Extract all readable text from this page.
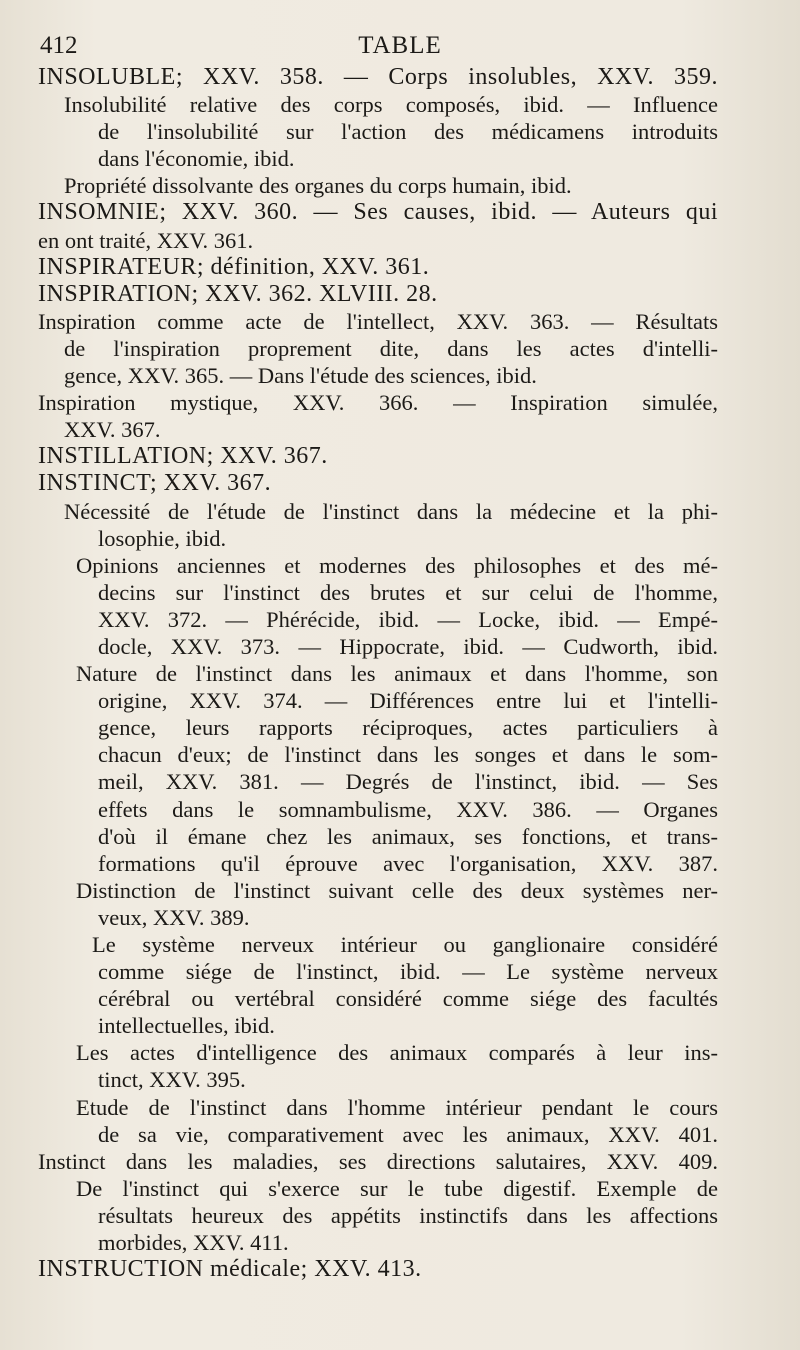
412	TABLE
INSOLUBLE; XXV. 358. — Corps insolubles, XXV. 359.
Insolubilité relative des corps composés, ibid. — Influence
de l'insolubilité sur l'action des médicamens introduits
dans l'économie, ibid.
Propriété dissolvante des organes du corps humain, ibid.
INSOMNIE; XXV. 360. — Ses causes, ibid. — Auteurs qui
en ont traité, XXV. 361.
INSPIRATEUR; définition, XXV. 361.
INSPIRATION; XXV. 362. XLVIII. 28.
Inspiration comme acte de l'intellect, XXV. 363. — Résultats
de l'inspiration proprement dite, dans les actes d'intelli-
gence, XXV. 365. — Dans l'étude des sciences, ibid.
Inspiration mystique, XXV. 366. — Inspiration simulée,
XXV. 367.
INSTILLATION; XXV. 367.
INSTINCT; XXV. 367.
Nécessité de l'étude de l'instinct dans la médecine et la phi-
losophie, ibid.
Opinions anciennes et modernes des philosophes et des mé-
decins sur l'instinct des brutes et sur celui de l'homme,
XXV. 372. — Phérécide, ibid. — Locke, ibid. — Empé-
docle, XXV. 373. — Hippocrate, ibid. — Cudworth, ibid.
Nature de l'instinct dans les animaux et dans l'homme, son
origine, XXV. 374. — Différences entre lui et l'intelli-
gence, leurs rapports réciproques, actes particuliers à
chacun d'eux; de l'instinct dans les songes et dans le som-
meil, XXV. 381. — Degrés de l'instinct, ibid. — Ses
effets dans le somnambulisme, XXV. 386. — Organes
d'où il émane chez les animaux, ses fonctions, et trans-
formations qu'il éprouve avec l'organisation, XXV. 387.
Distinction de l'instinct suivant celle des deux systèmes ner-
veux, XXV. 389.
Le système nerveux intérieur ou ganglionaire considéré
comme siége de l'instinct, ibid. — Le système nerveux
cérébral ou vertébral considéré comme siége des facultés
intellectuelles, ibid.
Les actes d'intelligence des animaux comparés à leur ins-
tinct, XXV. 395.
Etude de l'instinct dans l'homme intérieur pendant le cours
de sa vie, comparativement avec les animaux, XXV. 401.
Instinct dans les maladies, ses directions salutaires, XXV. 409.
De l'instinct qui s'exerce sur le tube digestif. Exemple de
résultats heureux des appétits instinctifs dans les affections
morbides, XXV. 411.
INSTRUCTION médicale; XXV. 413.
